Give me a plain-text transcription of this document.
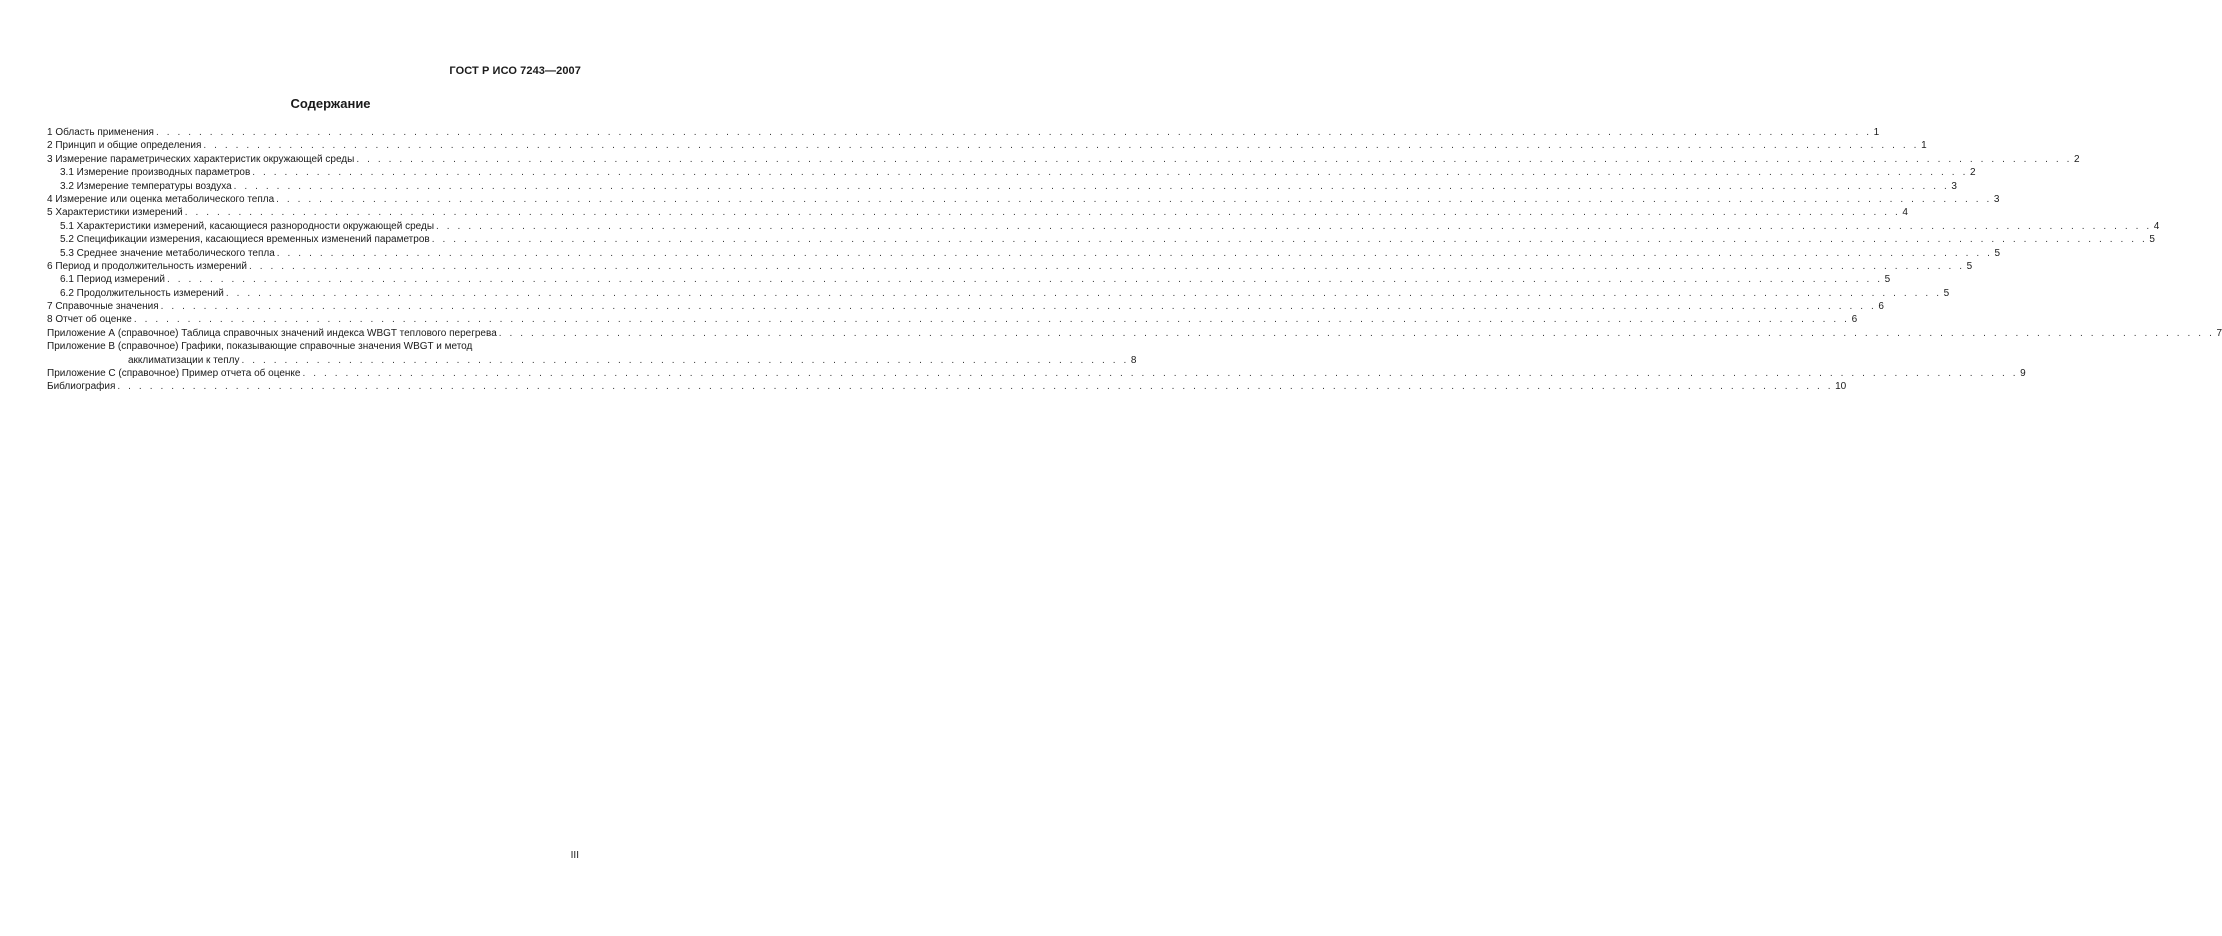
ГОСТ Р ИСО 7243—2007
Содержание
1 Область применения . . . . . . . . . . . . . . . . . . . . . . . . . . . . . . . . . . . . . . . . . . . . . . . . . . . . . . . . . . . . . . . . . . . . . . . . . . . . . . . . . . . . . . . . . . . . . . . . . . . . . . . . . . . . . . . . . . . . . . . . . . . . . . . . . . . . . . . . . . . . . . . . . . . . . . . . . . . . . . . . 1
2 Принцип и общие определения . . . . . . . . . . . . . . . . . . . . . . . . . . . . . . . . . . . . . . . . . . . . . . . . . . . . . . . . . . . . . . . . . . . . . . . . . . . . . . . . . . . . . . . . . . . . . . . . . . . . . . . . . . . . . . . . . . . . . . . . . . . . . . . . . . . . . . . . . . . . . . . . . . . . . . . . . . . . . . . . 1
3 Измерение параметрических характеристик окружающей среды . . . . . . . . . . . . . . . . . . . . . . . . . . . . . . . . . . . . . . . . . . . . . . . . . . . . . . . . . . . . . . . . . . . . . . . . . . . . . . . . . . . . . . . . . . . . . . . . . . . . . . . . . . . . . . . . . . . . . . . . . . . . . . . . . . . . . . . . . . . . . . . . . . . . . . . . . . . . . . . . 2
3.1 Измерение производных параметров . . . . . . . . . . . . . . . . . . . . . . . . . . . . . . . . . . . . . . . . . . . . . . . . . . . . . . . . . . . . . . . . . . . . . . . . . . . . . . . . . . . . . . . . . . . . . . . . . . . . . . . . . . . . . . . . . . . . . . . . . . . . . . . . . . . . . . . . . . . . . . . . . . . . . . . . . . . . . . . . 2
3.2 Измерение температуры воздуха . . . . . . . . . . . . . . . . . . . . . . . . . . . . . . . . . . . . . . . . . . . . . . . . . . . . . . . . . . . . . . . . . . . . . . . . . . . . . . . . . . . . . . . . . . . . . . . . . . . . . . . . . . . . . . . . . . . . . . . . . . . . . . . . . . . . . . . . . . . . . . . . . . . . . . . . . . . . . . . . 3
4 Измерение или оценка метаболического тепла . . . . . . . . . . . . . . . . . . . . . . . . . . . . . . . . . . . . . . . . . . . . . . . . . . . . . . . . . . . . . . . . . . . . . . . . . . . . . . . . . . . . . . . . . . . . . . . . . . . . . . . . . . . . . . . . . . . . . . . . . . . . . . . . . . . . . . . . . . . . . . . . . . . . . . . . . . . . . . . . 3
5 Характеристики измерений . . . . . . . . . . . . . . . . . . . . . . . . . . . . . . . . . . . . . . . . . . . . . . . . . . . . . . . . . . . . . . . . . . . . . . . . . . . . . . . . . . . . . . . . . . . . . . . . . . . . . . . . . . . . . . . . . . . . . . . . . . . . . . . . . . . . . . . . . . . . . . . . . . . . . . . . . . . . . . . . 4
5.1 Характеристики измерений, касающиеся разнородности окружающей среды . . . . . . . . . . . . . . . . . . . . . . . . . . . . . . . . . . . . . . . . . . . . . . . . . . . . . . . . . . . . . . . . . . . . . . . . . . . . . . . . . . . . . . . . . . . . . . . . . . . . . . . . . . . . . . . . . . . . . . . . . . . . . . . . . . . . . . . . . . . . . . . . . . . . . . . . . . . . . . . . 4
5.2 Спецификации измерения, касающиеся временных изменений параметров . . . . . . . . . . . . . . . . . . . . . . . . . . . . . . . . . . . . . . . . . . . . . . . . . . . . . . . . . . . . . . . . . . . . . . . . . . . . . . . . . . . . . . . . . . . . . . . . . . . . . . . . . . . . . . . . . . . . . . . . . . . . . . . . . . . . . . . . . . . . . . . . . . . . . . . . . . . . . . . . 5
5.3 Среднее значение метаболического тепла . . . . . . . . . . . . . . . . . . . . . . . . . . . . . . . . . . . . . . . . . . . . . . . . . . . . . . . . . . . . . . . . . . . . . . . . . . . . . . . . . . . . . . . . . . . . . . . . . . . . . . . . . . . . . . . . . . . . . . . . . . . . . . . . . . . . . . . . . . . . . . . . . . . . . . . . . . . . . . . . 5
6 Период и продолжительность измерений . . . . . . . . . . . . . . . . . . . . . . . . . . . . . . . . . . . . . . . . . . . . . . . . . . . . . . . . . . . . . . . . . . . . . . . . . . . . . . . . . . . . . . . . . . . . . . . . . . . . . . . . . . . . . . . . . . . . . . . . . . . . . . . . . . . . . . . . . . . . . . . . . . . . . . . . . . . . . . . . 5
6.1 Период измерений . . . . . . . . . . . . . . . . . . . . . . . . . . . . . . . . . . . . . . . . . . . . . . . . . . . . . . . . . . . . . . . . . . . . . . . . . . . . . . . . . . . . . . . . . . . . . . . . . . . . . . . . . . . . . . . . . . . . . . . . . . . . . . . . . . . . . . . . . . . . . . . . . . . . . . . . . . . . . . . . 5
6.2 Продолжительность измерений . . . . . . . . . . . . . . . . . . . . . . . . . . . . . . . . . . . . . . . . . . . . . . . . . . . . . . . . . . . . . . . . . . . . . . . . . . . . . . . . . . . . . . . . . . . . . . . . . . . . . . . . . . . . . . . . . . . . . . . . . . . . . . . . . . . . . . . . . . . . . . . . . . . . . . . . . . . . . . . . 5
7 Справочные значения . . . . . . . . . . . . . . . . . . . . . . . . . . . . . . . . . . . . . . . . . . . . . . . . . . . . . . . . . . . . . . . . . . . . . . . . . . . . . . . . . . . . . . . . . . . . . . . . . . . . . . . . . . . . . . . . . . . . . . . . . . . . . . . . . . . . . . . . . . . . . . . . . . . . . . . . . . . . . . . . 6
8 Отчет об оценке . . . . . . . . . . . . . . . . . . . . . . . . . . . . . . . . . . . . . . . . . . . . . . . . . . . . . . . . . . . . . . . . . . . . . . . . . . . . . . . . . . . . . . . . . . . . . . . . . . . . . . . . . . . . . . . . . . . . . . . . . . . . . . . . . . . . . . . . . . . . . . . . . . . . . . . . . . . . . . . . 6
Приложение А (справочное) Таблица справочных значений индекса WBGT теплового перегрева . . . . . . . . . . . . . . . . . . . . . . . . . . . . . . . . . . . . . . . . . . . . . . . . . . . . . . . . . . . . . . . . . . . . . . . . . . . . . . . . . . . . . . . . . . . . . . . . . . . . . . . . . . . . . . . . . . . . . . . . . . . . . . . . . . . . . . . . . . . . . . . . . . . . . . . . . . . . . . . . 7
Приложение В (справочное) Графики, показывающие справочные значения WBGT и метод
акклиматизации к теплу . . . . . . . . . . . . . . . . . . . . . . . . . . . . . . . . . . . . . . . . . . . . . . . . . . . . . . . . . . . . . . . . . . . . . . . . . . . . . . . . . . . 8
Приложение С (справочное) Пример отчета об оценке . . . . . . . . . . . . . . . . . . . . . . . . . . . . . . . . . . . . . . . . . . . . . . . . . . . . . . . . . . . . . . . . . . . . . . . . . . . . . . . . . . . . . . . . . . . . . . . . . . . . . . . . . . . . . . . . . . . . . . . . . . . . . . . . . . . . . . . . . . . . . . . . . . . . . . . . . . . . . . . . 9
Библиография . . . . . . . . . . . . . . . . . . . . . . . . . . . . . . . . . . . . . . . . . . . . . . . . . . . . . . . . . . . . . . . . . . . . . . . . . . . . . . . . . . . . . . . . . . . . . . . . . . . . . . . . . . . . . . . . . . . . . . . . . . . . . . . . . . . . . . . . . . . . . . . . . . . . . . . . . . . . . . . . 10
III
